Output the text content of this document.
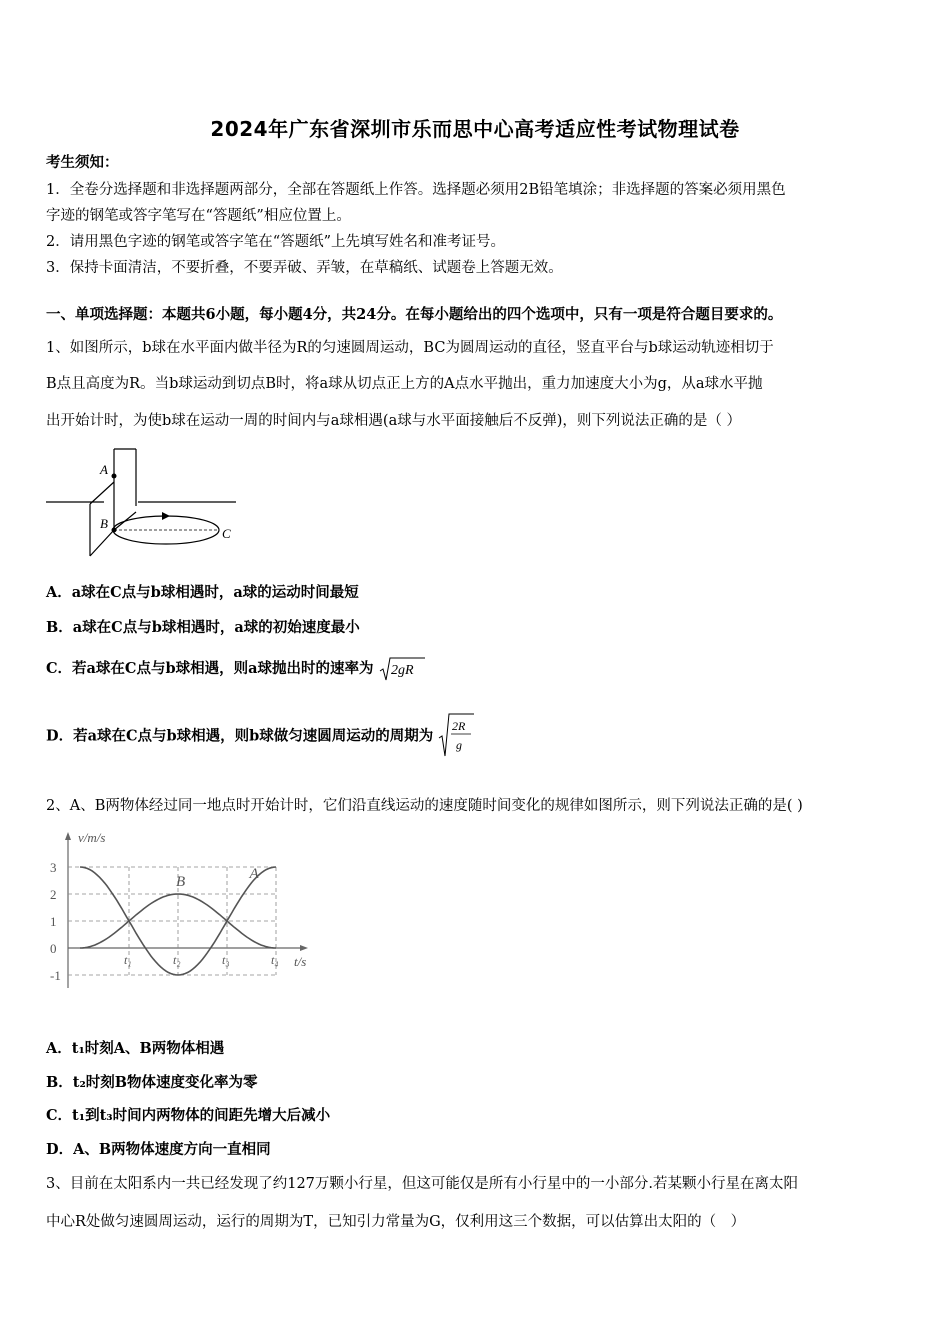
2024年广东省深圳市乐而思中心高考适应性考试物理试卷
考生须知：
1．全卷分选择题和非选择题两部分，全部在答题纸上作答。选择题必须用2B铅笔填涂；非选择题的答案必须用黑色
字迹的钢笔或答字笔写在“答题纸”相应位置上。
2．请用黑色字迹的钢笔或答字笔在“答题纸”上先填写姓名和准考证号。
3．保持卡面清洁，不要折叠，不要弄破、弄皱，在草稿纸、试题卷上答题无效。
一、单项选择题：本题共6小题，每小题4分，共24分。在每小题给出的四个选项中，只有一项是符合题目要求的。
1、如图所示，b球在水平面内做半径为R的匀速圆周运动，BC为圆周运动的直径，竖直平台与b球运动轨迹相切于
B点且高度为R。当b球运动到切点B时，将a球从切点正上方的A点水平抛出，重力加速度大小为g，从a球水平抛
出开始计时，为使b球在运动一周的时间内与a球相遇(a球与水平面接触后不反弹)，则下列说法正确的是（ ）
A
B
C
A．a球在C点与b球相遇时，a球的运动时间最短
B．a球在C点与b球相遇时，a球的初始速度最小
C．若a球在C点与b球相遇，则a球抛出时的速率为 2gR
D．若a球在C点与b球相遇，则b球做匀速圆周运动的周期为
2R
g
2、A、B两物体经过同一地点时开始计时，它们沿直线运动的速度随时间变化的规律如图所示，则下列说法正确的是( )
v/m/s
t/s
3
2
1
0
-1
t₁	t₂	t₃	t₄
A
B
A．t₁时刻A、B两物体相遇
B．t₂时刻B物体速度变化率为零
C．t₁到t₃时间内两物体的间距先增大后减小
D．A、B两物体速度方向一直相同
3、目前在太阳系内一共已经发现了约127万颗小行星，但这可能仅是所有小行星中的一小部分.若某颗小行星在离太阳
中心R处做匀速圆周运动，运行的周期为T，已知引力常量为G，仅利用这三个数据，可以估算出太阳的（　）
